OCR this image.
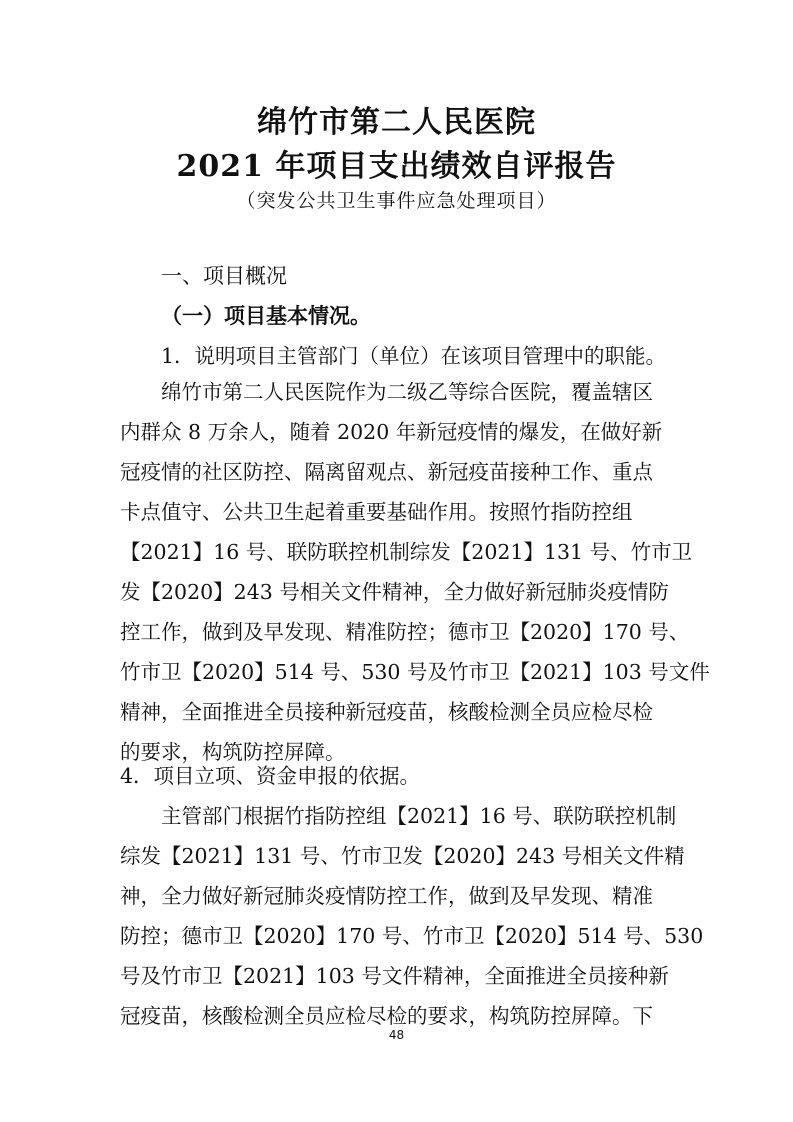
绵竹市第二人民医院
2021 年项目支出绩效自评报告
（突发公共卫生事件应急处理项目）
一、项目概况
（一）项目基本情况。
1．说明项目主管部门（单位）在该项目管理中的职能。
绵竹市第二人民医院作为二级乙等综合医院，覆盖辖区
内群众 8 万余人，随着 2020 年新冠疫情的爆发，在做好新
冠疫情的社区防控、隔离留观点、新冠疫苗接种工作、重点
卡点值守、公共卫生起着重要基础作用。按照竹指防控组
【2021】16 号、联防联控机制综发【2021】131 号、竹市卫
发【2020】243 号相关文件精神，全力做好新冠肺炎疫情防
控工作，做到及早发现、精准防控；德市卫【2020】170 号、
竹市卫【2020】514 号、530 号及竹市卫【2021】103 号文件
精神，全面推进全员接种新冠疫苗，核酸检测全员应检尽检
的要求，构筑防控屏障。
4．项目立项、资金申报的依据。
主管部门根据竹指防控组【2021】16 号、联防联控机制
综发【2021】131 号、竹市卫发【2020】243 号相关文件精
神，全力做好新冠肺炎疫情防控工作，做到及早发现、精准
防控；德市卫【2020】170 号、竹市卫【2020】514 号、530
号及竹市卫【2021】103 号文件精神，全面推进全员接种新
冠疫苗，核酸检测全员应检尽检的要求，构筑防控屏障。下
48
